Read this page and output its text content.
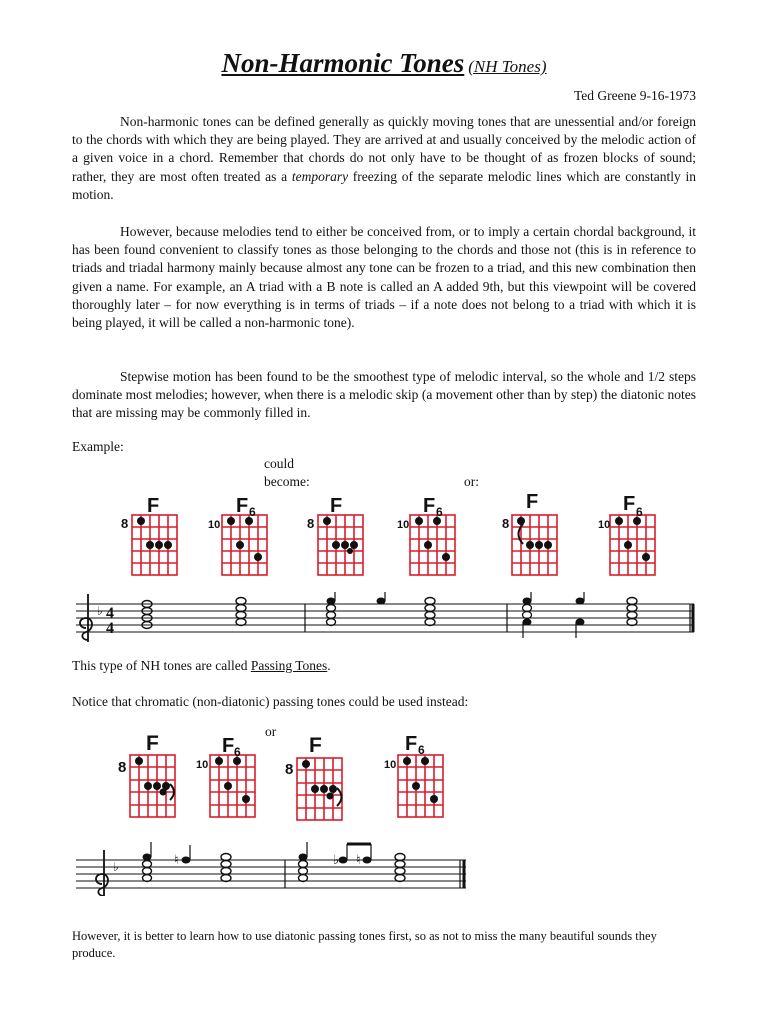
Non-Harmonic Tones (NH Tones)
Ted Greene 9-16-1973

Non-harmonic tones can be defined generally as quickly moving tones that are unessential and/or foreign to the chords with which they are being played. They are arrived at and usually conceived by the melodic action of a given voice in a chord. Remember that chords do not only have to be thought of as frozen blocks of sound; rather, they are most often treated as a temporary freezing of the separate melodic lines which are constantly in motion.

However, because melodies tend to either be conceived from, or to imply a certain chordal background, it has been found convenient to classify tones as those belonging to the chords and those not (this is in reference to triads and triadal harmony mainly because almost any tone can be frozen to a triad, and this new combination then given a name. For example, an A triad with a B note is called an A added 9th, but this viewpoint will be covered thoroughly later – for now everything is in terms of triads – if a note does not belong to a triad with which it is being played, it will be called a non-harmonic tone).

Stepwise motion has been found to be the smoothest type of melodic interval, so the whole and 1/2 steps dominate most melodies; however, when there is a melodic skip (a movement other than by step) the diatonic notes that are missing may be commonly filled in.

Example:
could
become:	or:
F	F 6	F	F 6	F	F 6
8	10	8	10	8	10
♭ 4
4
This type of NH tones are called Passing Tones.
Notice that chromatic (non-diatonic) passing tones could be used instead:
or
F	F 6	F	F 6
8	10	8	10
♭	♮	♭ ♮
However, it is better to learn how to use diatonic passing tones first, so as not to miss the many beautiful sounds they produce.
